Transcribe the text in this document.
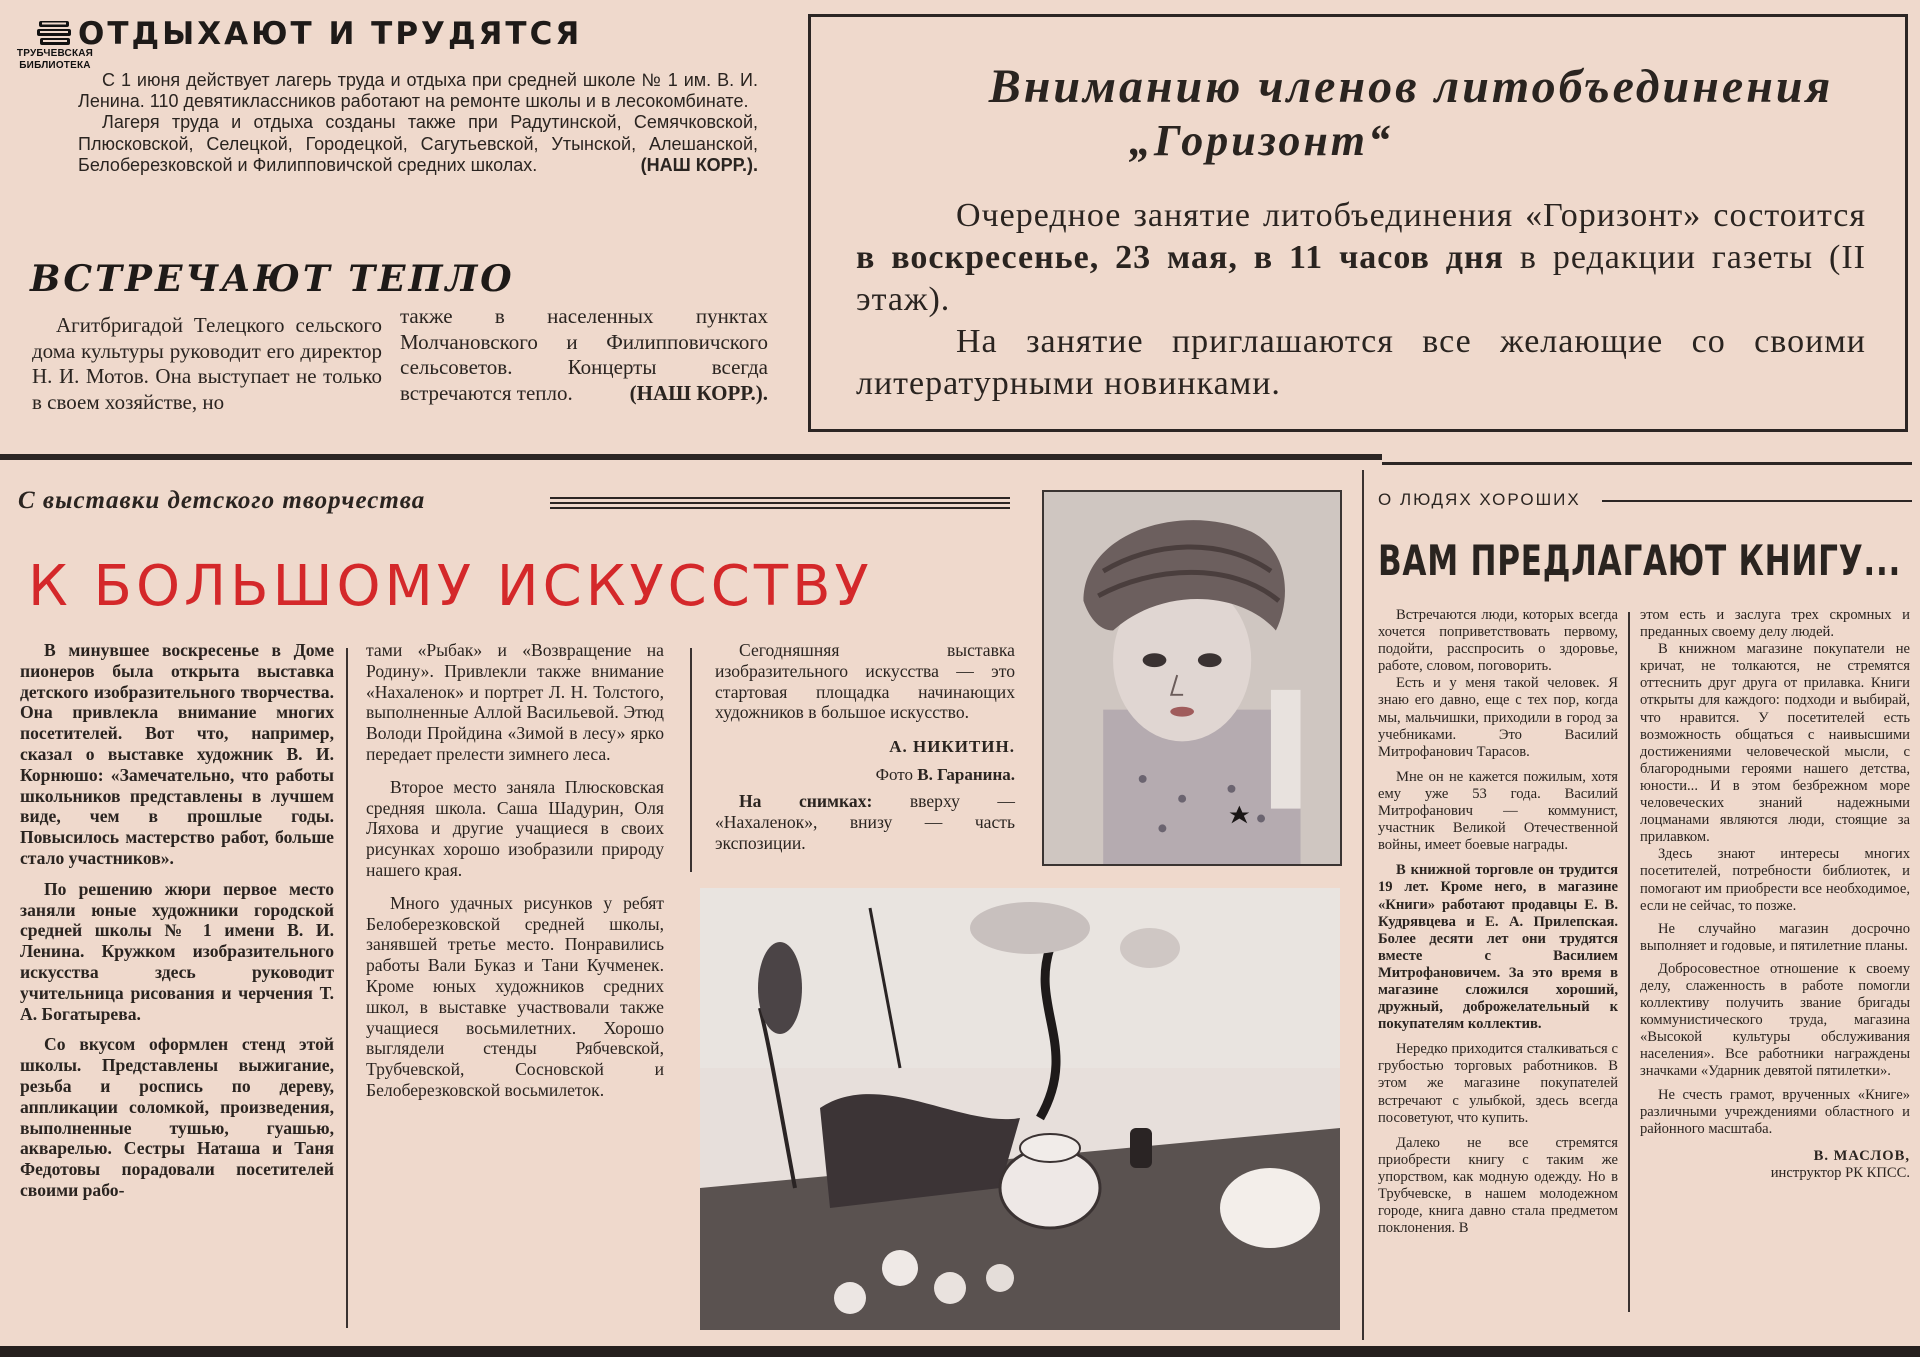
ТРУБЧЕВСКАЯ
БИБЛИОТЕКА
ОТДЫХАЮТ И ТРУДЯТСЯ

С 1 июня действует лагерь труда и отдыха при средней школе № 1 им. В. И. Ленина. 110 девятиклассников работают на ремонте школы и в лесокомбинате.

Лагеря труда и отдыха созданы также при Радутинской, Семячковской, Плюсковской, Селецкой, Городецкой, Сагутьевской, Утынской, Алешанской, Белоберезковской и Филипповичской средних школах.	(НАШ КОРР.).

ВСТРЕЧАЮТ ТЕПЛО

Агитбригадой Телецкого сельского дома культуры руководит его директор Н. И. Мотов. Она выступает не только в своем хозяйстве, но

также в населенных пунктах Молчановского и Филипповичского сельсоветов. Концерты всегда встречаются тепло.	(НАШ КОРР.).

Вниманию членов литобъединения
„Горизонт“

Очередное занятие литобъединения «Горизонт» состоится в воскресенье, 23 мая, в 11 часов дня в редакции газеты (II этаж).

На занятие приглашаются все желающие со своими литературными новинками.

С выставки детского творчества
К БОЛЬШОМУ ИСКУССТВУ

В минувшее воскресенье в Доме пионеров была открыта выставка детского изобразительного творчества. Она привлекла внимание многих посетителей. Вот что, например, сказал о выставке художник В. И. Корнюшо: «Замечательно, что работы школьников представлены в лучшем виде, чем в прошлые годы. Повысилось мастерство работ, больше стало участников».

По решению жюри первое место заняли юные художники городской средней школы № 1 имени В. И. Ленина. Кружком изобразительного искусства здесь руководит учительница рисования и черчения Т. А. Богатырева.

Со вкусом оформлен стенд этой школы. Представлены выжигание, резьба и роспись по дереву, аппликации соломкой, произведения, выполненные тушью, гуашью, акварелью. Сестры Наташа и Таня Федотовы порадовали посетителей своими рабо-

тами «Рыбак» и «Возвращение на Родину». Привлекли также внимание «Нахаленок» и портрет Л. Н. Толстого, выполненные Аллой Васильевой. Этюд Володи Пройдина «Зимой в лесу» ярко передает прелести зимнего леса.

Второе место заняла Плюсковская средняя школа. Саша Шадурин, Оля Ляхова и другие учащиеся в своих рисунках хорошо изобразили природу нашего края.

Много удачных рисунков у ребят Белоберезковской средней школы, занявшей третье место. Понравились работы Вали Буказ и Тани Кучменек. Кроме юных художников средних школ, в выставке участвовали также учащиеся восьмилетних. Хорошо выглядели стенды Рябчевской, Трубчевской, Сосновской и Белоберезковской восьмилеток.

Сегодняшняя выставка изобразительного искусства — это стартовая площадка начинающих художников в большое искусство.

А. НИКИТИН.
Фото В. Гаранина.

На снимках: вверху — «Нахаленок», внизу — часть экспозиции.

О ЛЮДЯХ ХОРОШИХ
ВАМ ПРЕДЛАГАЮТ КНИГУ...

Встречаются люди, которых всегда хочется поприветствовать первому, подойти, расспросить о здоровье, работе, словом, поговорить.

Есть и у меня такой человек. Я знаю его давно, еще с тех пор, когда мы, мальчишки, приходили в город за учебниками. Это Василий Митрофанович Тарасов.

Мне он не кажется пожилым, хотя ему уже 53 года. Василий Митрофанович — коммунист, участник Великой Отечественной войны, имеет боевые награды.

В книжной торговле он трудится 19 лет. Кроме него, в магазине «Книги» работают продавцы Е. В. Кудрявцева и Е. А. Прилепская. Более десяти лет они трудятся вместе с Василием Митрофановичем. За это время в магазине сложился хороший, дружный, доброжелательный к покупателям коллектив.

Нередко приходится сталкиваться с грубостью торговых работников. В этом же магазине покупателей встречают с улыбкой, здесь всегда посоветуют, что купить.

Далеко не все стремятся приобрести книгу с таким же упорством, как модную одежду. Но в Трубчевске, в нашем молодежном городе, книга давно стала предметом поклонения. В

этом есть и заслуга трех скромных и преданных своему делу людей.

В книжном магазине покупатели не кричат, не толкаются, не стремятся оттеснить друг друга от прилавка. Книги открыты для каждого: подходи и выбирай, что нравится. У посетителей есть возможность общаться с наивысшими достижениями человеческой мысли, с благородными героями нашего детства, юности... И в этом безбрежном море человеческих знаний надежными лоцманами являются люди, стоящие за прилавком.

Здесь знают интересы многих посетителей, потребности библиотек, и помогают им приобрести все необходимое, если не сейчас, то позже.

Не случайно магазин досрочно выполняет и годовые, и пятилетние планы.

Добросовестное отношение к своему делу, слаженность в работе помогли коллективу получить звание бригады коммунистического труда, магазина «Высокой культуры обслуживания населения». Все работники награждены значками «Ударник девятой пятилетки».

Не счесть грамот, врученных «Книге» различными учреждениями областного и районного масштаба.

В. МАСЛОВ,
инструктор РК КПСС.
